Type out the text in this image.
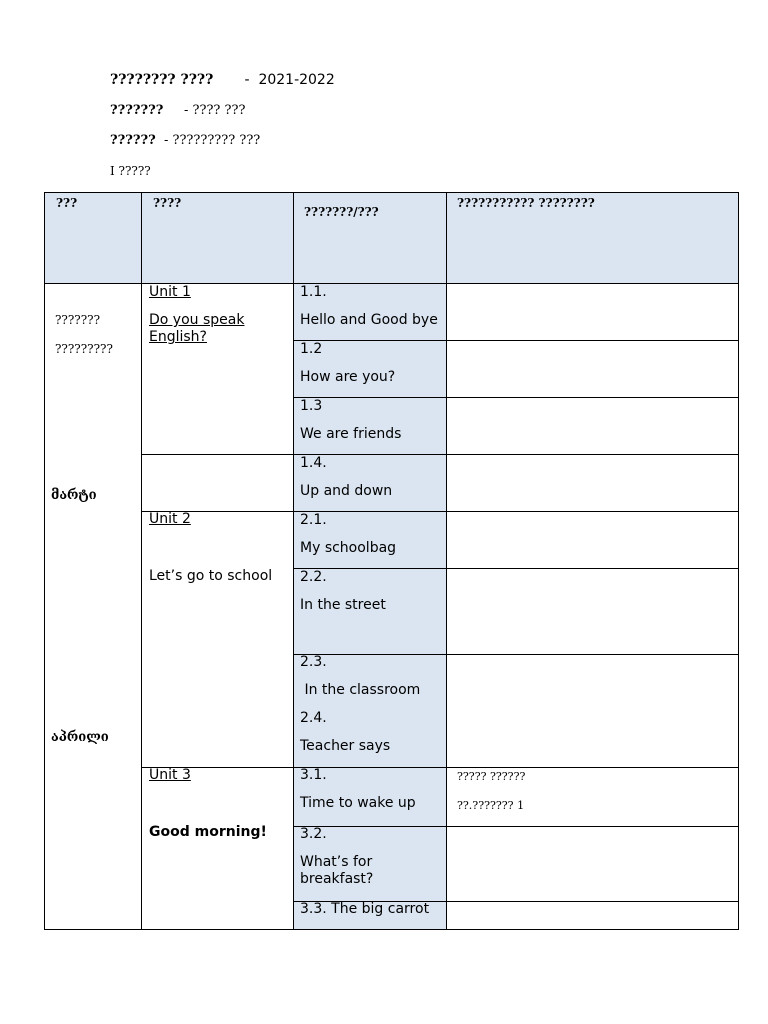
???????? ???? - 2021-2022
??????? - ???? ???
?????? - ????????? ???
I ?????
???	????
???????/???
??????????? ????????
???????
?????????
მარტი
აპრილი
Unit 1
Do you speak English?
Unit 2
Let’s go to school
Unit 3
Good morning!
1.1.
Hello and Good bye
1.2
How are you?
1.3
We are friends
1.4.
Up and down
2.1.
My schoolbag
2.2.
In the street
2.3.
In the classroom
2.4.
Teacher says
3.1.
Time to wake up
3.2.
What’s for breakfast?
3.3. The big carrot
????? ??????
??.??????? 1
